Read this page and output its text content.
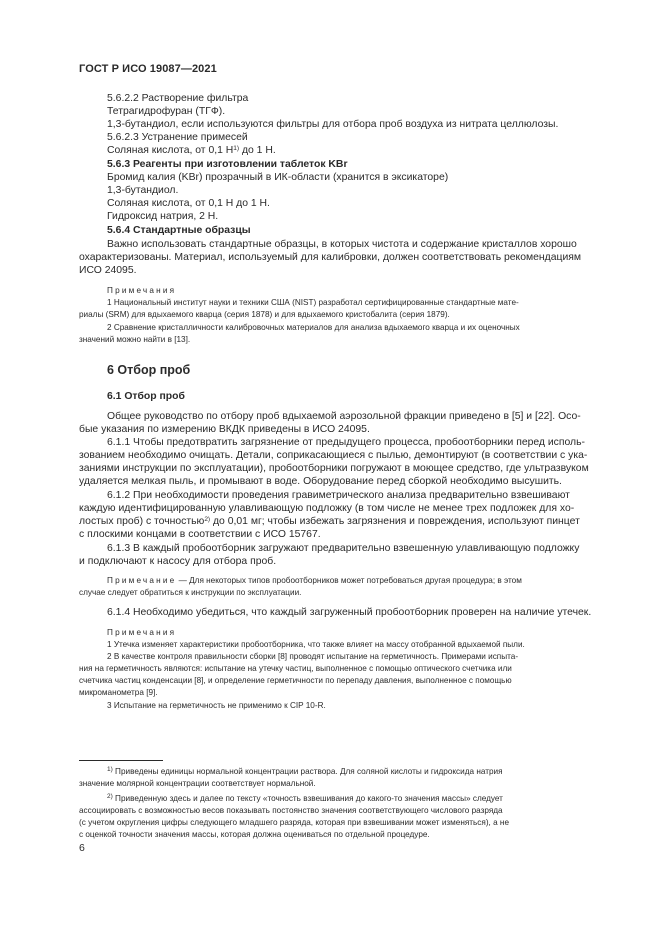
ГОСТ Р ИСО 19087—2021
5.6.2.2 Растворение фильтра
Тетрагидрофуран (ТГФ).
1,3-бутандиол, если используются фильтры для отбора проб воздуха из нитрата целлюлозы.
5.6.2.3 Устранение примесей
Соляная кислота, от 0,1 $Н^{1)}$ до 1 Н.
5.6.3 Реагенты при изготовлении таблеток KBr
Бромид калия (KBr) прозрачный в ИК-области (хранится в эксикаторе)
1,3-бутандиол.
Соляная кислота, от 0,1 Н до 1 Н.
Гидроксид натрия, 2 Н.
5.6.4 Стандартные образцы
Важно использовать стандартные образцы, в которых чистота и содержание кристаллов хорошо
охарактеризованы. Материал, используемый для калибровки, должен соответствовать рекомендациям
ИСО 24095.
Примечания
1 Национальный институт науки и техники США (NIST) разработал сертифицированные стандартные мате-
риалы (SRM) для вдыхаемого кварца (серия 1878) и для вдыхаемого кристобалита (серия 1879).
2 Сравнение кристалличности калибровочных материалов для анализа вдыхаемого кварца и их оценочных
значений можно найти в [13].
6 Отбор проб
6.1 Отбор проб
Общее руководство по отбору проб вдыхаемой аэрозольной фракции приведено в [5] и [22]. Осо-
бые указания по измерению ВКДК приведены в ИСО 24095.
6.1.1 Чтобы предотвратить загрязнение от предыдущего процесса, пробоотборники перед исполь-
зованием необходимо очищать. Детали, соприкасающиеся с пылью, демонтируют (в соответствии с ука-
заниями инструкции по эксплуатации), пробоотборники погружают в моющее средство, где ультразвуком
удаляется мелкая пыль, и промывают в воде. Оборудование перед сборкой необходимо высушить.
6.1.2 При необходимости проведения гравиметрического анализа предварительно взвешивают
каждую идентифицированную улавливающую подложку (в том числе не менее трех подложек для хо-
лостых проб) с точностью$^{2)}$ до 0,01 мг; чтобы избежать загрязнения и повреждения, используют пинцет
с плоскими концами в соответствии с ИСО 15767.
6.1.3 В каждый пробоотборник загружают предварительно взвешенную улавливающую подложку
и подключают к насосу для отбора проб.
Примечание — Для некоторых типов пробоотборников может потребоваться другая процедура; в этом
случае следует обратиться к инструкции по эксплуатации.
6.1.4 Необходимо убедиться, что каждый загруженный пробоотборник проверен на наличие утечек.
Примечания
1 Утечка изменяет характеристики пробоотборника, что также влияет на массу отобранной вдыхаемой пыли.
2 В качестве контроля правильности сборки [8] проводят испытание на герметичность. Примерами испыта-
ния на герметичность являются: испытание на утечку частиц, выполненное с помощью оптического счетчика или
счетчика частиц конденсации [8], и определение герметичности по перепаду давления, выполненное с помощью
микроманометра [9].
3 Испытание на герметичность не применимо к CIP 10-R.
$^{1)}$ Приведены единицы нормальной концентрации раствора. Для соляной кислоты и гидроксида натрия
значение молярной концентрации соответствует нормальной.
$^{2)}$ Приведенную здесь и далее по тексту «точность взвешивания до какого-то значения массы» следует
ассоциировать с возможностью весов показывать постоянство значения соответствующего числового разряда
(с учетом округления цифры следующего младшего разряда, которая при взвешивании может изменяться), а не
с оценкой точности значения массы, которая должна оцениваться по отдельной процедуре.
6
